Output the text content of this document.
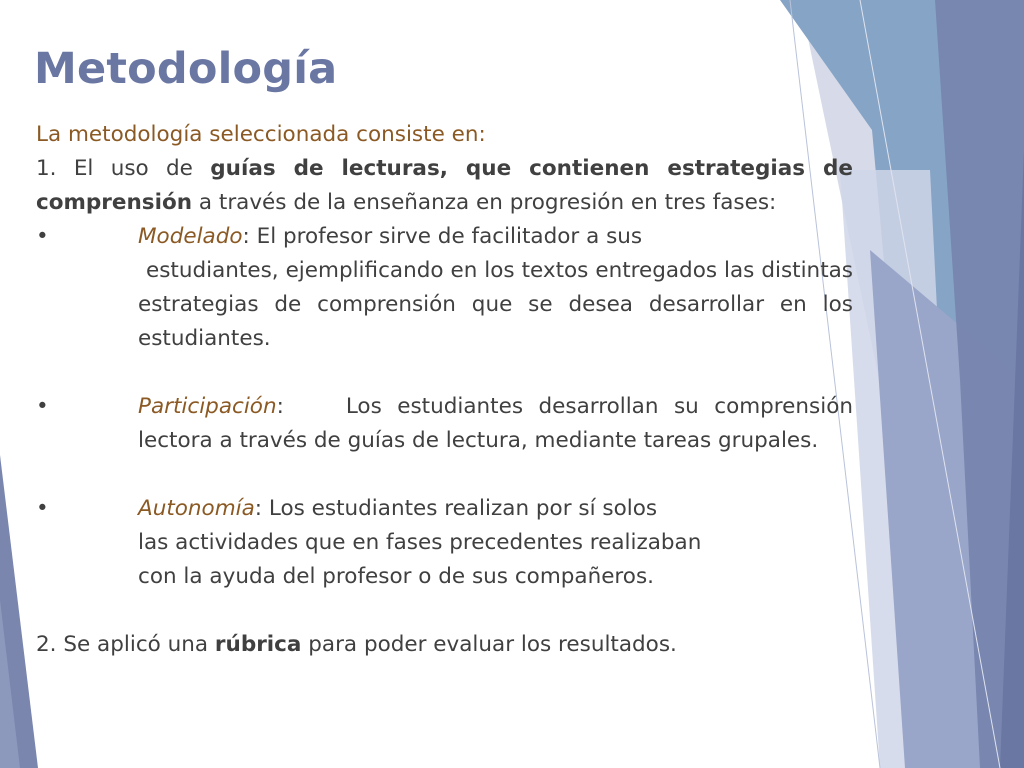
Metodología

La metodología seleccionada consiste en:

1. El uso de guías de lecturas, que contienen estrategias de comprensión a través de la enseñanza en progresión en tres fases:

•	Modelado: El profesor sirve de facilitador a sus
estudiantes, ejemplificando en los textos entregados las distintas estrategias de comprensión que se desea desarrollar en los estudiantes.
•	Participación:	Los estudiantes desarrollan su comprensión lectora a través de guías de lectura, mediante tareas grupales.
•	Autonomía: Los estudiantes realizan por sí solos
las actividades que en fases precedentes realizaban
con la ayuda del profesor o de sus compañeros.

2. Se aplicó una rúbrica para poder evaluar los resultados.
